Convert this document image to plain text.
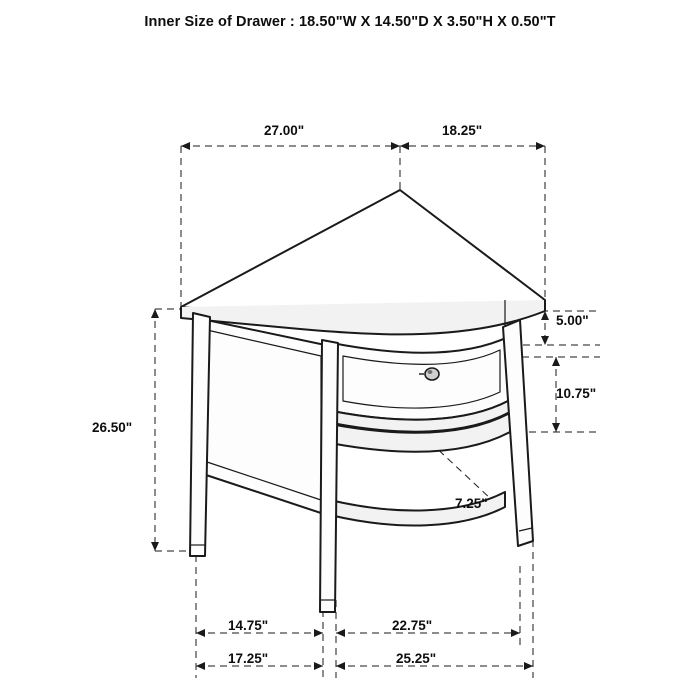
Inner Size of Drawer : 18.50"W X 14.50"D X 3.50"H X 0.50"T
27.00"	18.25"
26.50"
5.00"
10.75"
7.25"
14.75"	22.75"
17.25"	25.25"
